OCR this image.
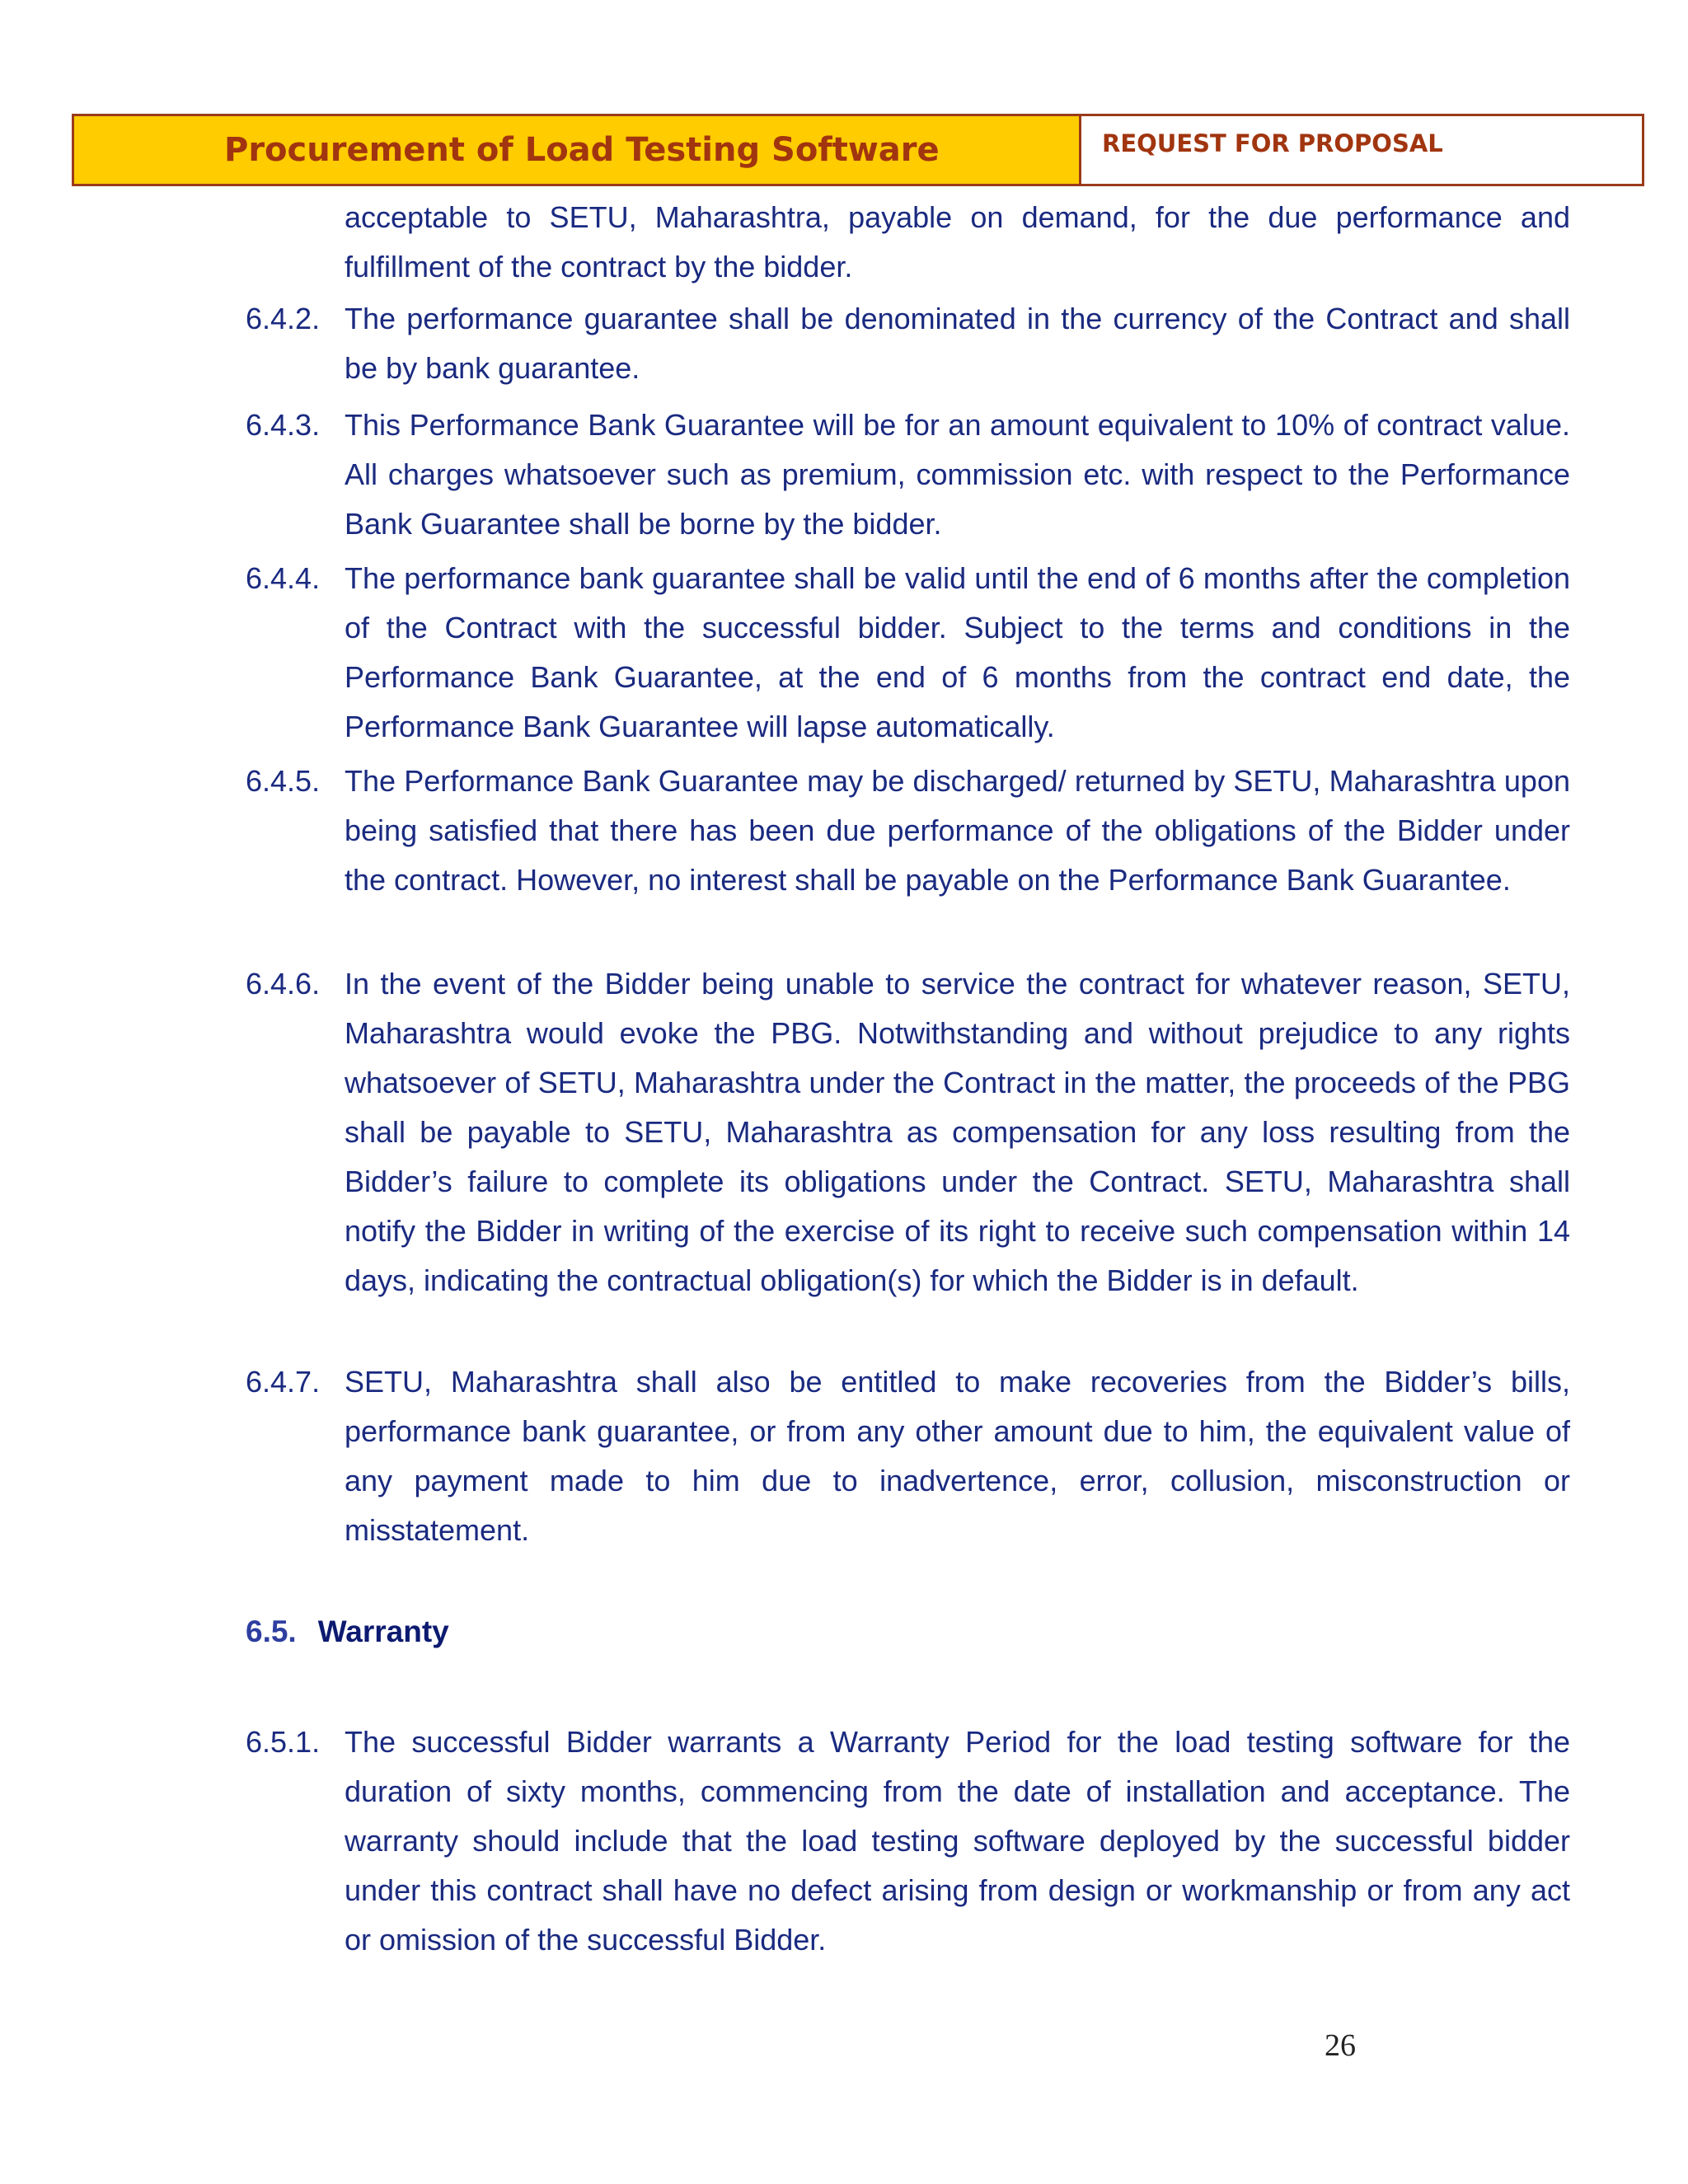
Procurement of Load Testing Software	REQUEST FOR PROPOSAL
acceptable to SETU, Maharashtra, payable on demand, for the due performance and fulfillment of the contract by the bidder.
6.4.2. The performance guarantee shall be denominated in the currency of the Contract and shall be by bank guarantee.
6.4.3. This Performance Bank Guarantee will be for an amount equivalent to 10% of contract value. All charges whatsoever such as premium, commission etc. with respect to the Performance Bank Guarantee shall be borne by the bidder.
6.4.4. The performance bank guarantee shall be valid until the end of 6 months after the completion of the Contract with the successful bidder. Subject to the terms and conditions in the Performance Bank Guarantee, at the end of 6 months from the contract end date, the Performance Bank Guarantee will lapse automatically.
6.4.5. The Performance Bank Guarantee may be discharged/ returned by SETU, Maharashtra upon being satisfied that there has been due performance of the obligations of the Bidder under the contract. However, no interest shall be payable on the Performance Bank Guarantee.
6.4.6. In the event of the Bidder being unable to service the contract for whatever reason, SETU, Maharashtra would evoke the PBG. Notwithstanding and without prejudice to any rights whatsoever of SETU, Maharashtra under the Contract in the matter, the proceeds of the PBG shall be payable to SETU, Maharashtra as compensation for any loss resulting from the Bidder’s failure to complete its obligations under the Contract. SETU, Maharashtra shall notify the Bidder in writing of the exercise of its right to receive such compensation within 14 days, indicating the contractual obligation(s) for which the Bidder is in default.
6.4.7. SETU, Maharashtra shall also be entitled to make recoveries from the Bidder’s bills, performance bank guarantee, or from any other amount due to him, the equivalent value of any payment made to him due to inadvertence, error, collusion, misconstruction or misstatement.
6.5. Warranty
6.5.1. The successful Bidder warrants a Warranty Period for the load testing software for the duration of sixty months, commencing from the date of installation and acceptance. The warranty should include that the load testing software deployed by the successful bidder under this contract shall have no defect arising from design or workmanship or from any act or omission of the successful Bidder.
26
